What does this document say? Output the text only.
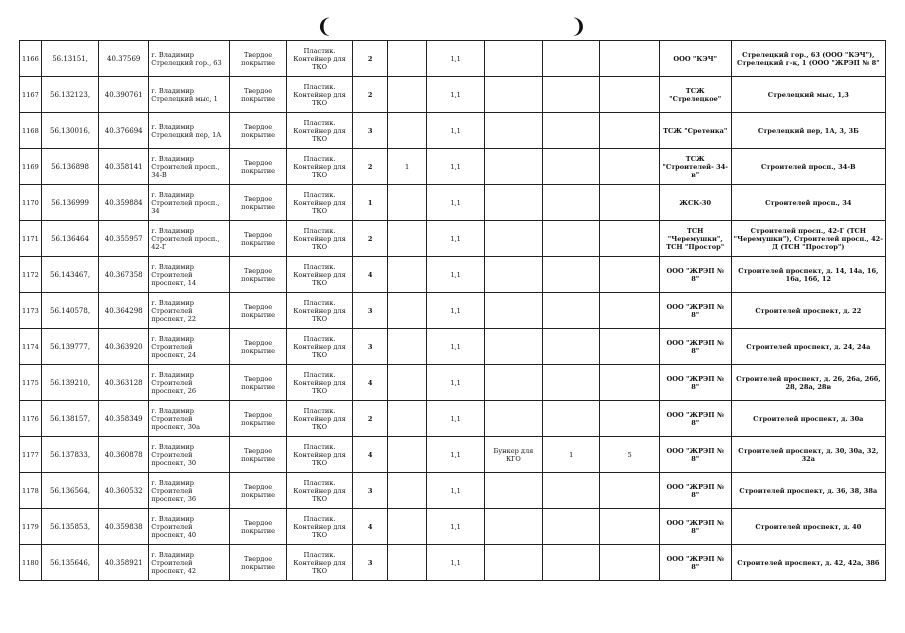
❨	❩
1166	56.13151,	40.37569	г. Владимир Стрелецкий гор., 63	Твердое покрытие	Пластик. Контейнер для ТКО	2		1,1				ООО "КЭЧ"	Стрелецкий гор., 63 (ООО "КЭЧ"), Стрелецкий г-к, 1 (ООО "ЖРЭП № 8"
1167	56.132123,	40.390761	г. Владимир Стрелецкий мыс, 1	Твердое покрытие	Пластик. Контейнер для ТКО	2		1,1				ТСЖ "Стрелецкое"	Стрелецкий мыс, 1,3
1168	56.130016,	40.376694	г. Владимир Стрелецкий пер, 1А	Твердое покрытие	Пластик. Контейнер для ТКО	3		1,1				ТСЖ "Сретенка"	Стрелецкий пер, 1А, 3, 3Б
1169	56.136898	40.358141	г. Владимир Строителей просп., 34-В	Твердое покрытие	Пластик. Контейнер для ТКО	2	1	1,1				ТСЖ "Строителей- 34-в"	Строителей просп., 34-В
1170	56.136999	40.359884	г. Владимир Строителей просп., 34	Твердое покрытие	Пластик. Контейнер для ТКО	1		1,1				ЖСК-30	Строителей просп., 34
1171	56.136464	40.355957	г. Владимир Строителей просп., 42-Г	Твердое покрытие	Пластик. Контейнер для ТКО	2		1,1				ТСН "Черемушки", ТСН "Простор"	Строителей просп., 42-Г (ТСН "Черемушки"), Строителей просп., 42-Д (ТСН "Простор")
1172	56.143467,	40.367358	г. Владимир Строителей проспект, 14	Твердое покрытие	Пластик. Контейнер для ТКО	4		1,1				ООО "ЖРЭП № 8"	Строителей проспект, д. 14, 14а, 16, 16а, 16б, 12
1173	56.140578,	40.364298	г. Владимир Строителей проспект, 22	Твердое покрытие	Пластик. Контейнер для ТКО	3		1,1				ООО "ЖРЭП № 8"	Строителей проспект, д. 22
1174	56.139777,	40.363920	г. Владимир Строителей проспект, 24	Твердое покрытие	Пластик. Контейнер для ТКО	3		1,1				ООО "ЖРЭП № 8"	Строителей проспект, д. 24, 24а
1175	56.139210,	40.363128	г. Владимир Строителей проспект, 26	Твердое покрытие	Пластик. Контейнер для ТКО	4		1,1				ООО "ЖРЭП № 8"	Строителей проспект, д. 26, 26а, 26б, 28, 28а, 28в
1176	56.138157,	40.358349	г. Владимир Строителей проспект, 30а	Твердое покрытие	Пластик. Контейнер для ТКО	2		1,1				ООО "ЖРЭП № 8"	Строителей проспект, д. 30а
1177	56.137833,	40.360878	г. Владимир Строителей проспект, 30	Твердое покрытие	Пластик. Контейнер для ТКО	4		1,1	Бункер для КГО	1	5	ООО "ЖРЭП № 8"	Строителей проспект, д. 30, 30а, 32, 32а
1178	56.136564,	40.360532	г. Владимир Строителей проспект, 36	Твердое покрытие	Пластик. Контейнер для ТКО	3		1,1				ООО "ЖРЭП № 8"	Строителей проспект, д. 36, 38, 38а
1179	56.135853,	40.359838	г. Владимир Строителей проспект, 40	Твердое покрытие	Пластик. Контейнер для ТКО	4		1,1				ООО "ЖРЭП № 8"	Строителей проспект, д. 40
1180	56.135646,	40.358921	г. Владимир Строителей проспект, 42	Твердое покрытие	Пластик. Контейнер для ТКО	3		1,1				ООО "ЖРЭП № 8"	Строителей проспект, д. 42, 42а, 38б
